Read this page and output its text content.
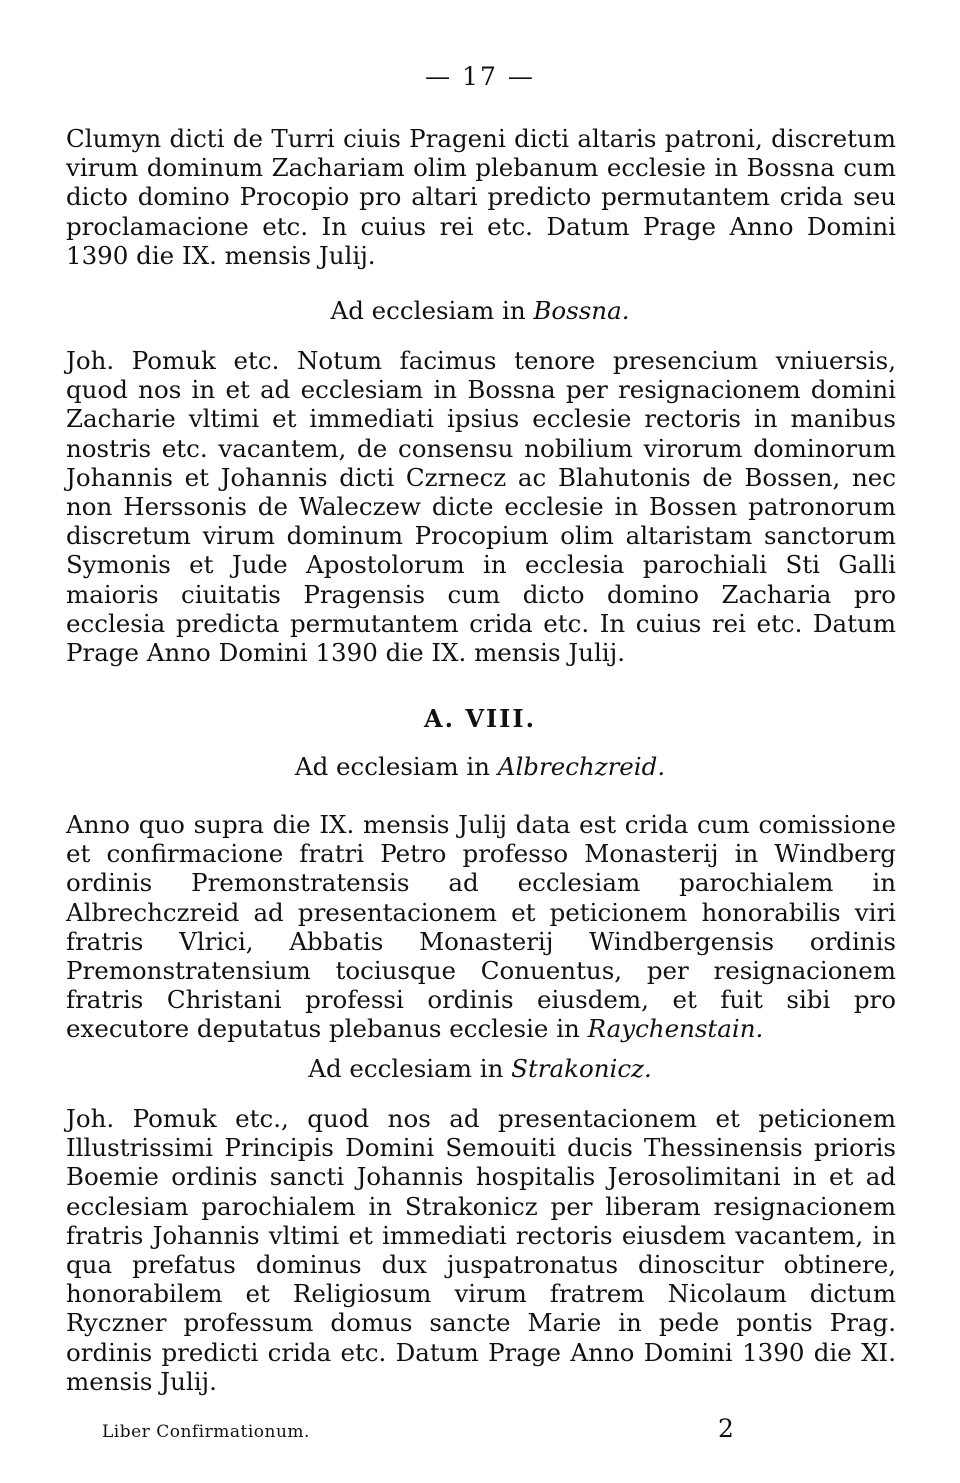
— 17 —
Clumyn dicti de Turri ciuis Prageni dicti altaris patroni, discretum virum dominum Zachariam olim plebanum ecclesie in Bossna cum dicto domino Procopio pro altari predicto permutantem crida seu proclamacione etc. In cuius rei etc. Datum Prage Anno Domini 1390 die IX. mensis Julij.
Ad ecclesiam in Bossna.
Joh. Pomuk etc. Notum facimus tenore presencium vniuersis, quod nos in et ad ecclesiam in Bossna per resignacionem domini Zacharie vltimi et immediati ipsius ecclesie rectoris in manibus nostris etc. vacantem, de consensu nobilium virorum dominorum Johannis et Johannis dicti Czrnecz ac Blahutonis de Bossen, nec non Herssonis de Waleczew dicte ecclesie in Bossen patronorum discretum virum dominum Procopium olim altaristam sanctorum Symonis et Jude Apostolorum in ecclesia parochiali Sti Galli maioris ciuitatis Pragensis cum dicto domino Zacharia pro ecclesia predicta permutantem crida etc. In cuius rei etc. Datum Prage Anno Domini 1390 die IX. mensis Julij.
A. VIII.
Ad ecclesiam in Albrechzreid.
Anno quo supra die IX. mensis Julij data est crida cum comissione et confirmacione fratri Petro professo Monasterij in Windberg ordinis Premonstratensis ad ecclesiam parochialem in Albrechczreid ad presentacionem et peticionem honorabilis viri fratris Vlrici, Abbatis Monasterij Windbergensis ordinis Premonstratensium tociusque Conuentus, per resignacionem fratris Christani professi ordinis eiusdem, et fuit sibi pro executore deputatus plebanus ecclesie in Raychenstain.
Ad ecclesiam in Strakonicz.
Joh. Pomuk etc., quod nos ad presentacionem et peticionem Illustrissimi Principis Domini Semouiti ducis Thessinensis prioris Boemie ordinis sancti Johannis hospitalis Jerosolimitani in et ad ecclesiam parochialem in Strakonicz per liberam resignacionem fratris Johannis vltimi et immediati rectoris eiusdem vacantem, in qua prefatus dominus dux juspatronatus dinoscitur obtinere, honorabilem et Religiosum virum fratrem Nicolaum dictum Ryczner professum domus sancte Marie in pede pontis Prag. ordinis predicti crida etc. Datum Prage Anno Domini 1390 die XI. mensis Julij.
Liber Confirmationum.	2
